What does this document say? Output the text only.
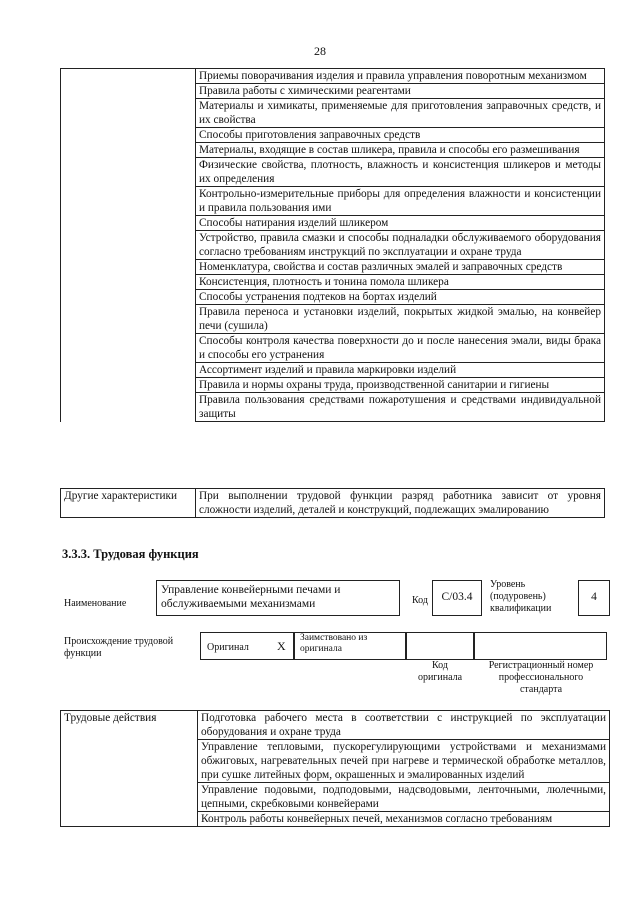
28
	Приемы поворачивания изделия и правила управления поворотным механизмом
Правила работы с химическими реагентами
Материалы и химикаты, применяемые для приготовления заправочных средств, и их свойства
Способы приготовления заправочных средств
Материалы, входящие в состав шликера, правила и способы его размешивания
Физические свойства, плотность, влажность и консистенция шликеров и методы их определения
Контрольно-измерительные приборы для определения влажности и консистенции и правила пользования ими
Способы натирания изделий шликером
Устройство, правила смазки и способы подналадки обслуживаемого оборудования согласно требованиям инструкций по эксплуатации и охране труда
Номенклатура, свойства и состав различных эмалей и заправочных средств
Консистенция, плотность и тонина помола шликера
Способы устранения подтеков на бортах изделий
Правила переноса и установки изделий, покрытых жидкой эмалью, на конвейер печи (сушила)
Способы контроля качества поверхности до и после нанесения эмали, виды брака и способы его устранения
Ассортимент изделий и правила маркировки изделий
Правила и нормы охраны труда, производственной санитарии и гигиены
Правила пользования средствами пожаротушения и средствами индивидуальной защиты
Другие характеристики	При выполнении трудовой функции разряд работника зависит от уровня сложности изделий, деталей и конструкций, подлежащих эмалированию
3.3.3. Трудовая функция
Наименование
Управление конвейерными печами и обслуживаемыми механизмами	Код	С/03.4
Уровень (подуровень) квалификации
4
Происхождение трудовой функции
Оригинал X
Заимствовано из оригинала
Код оригинала
Регистрационный номер профессионального стандарта
Трудовые действия	Подготовка рабочего места в соответствии с инструкцией по эксплуатации оборудования и охране труда
Управление тепловыми, пускорегулирующими устройствами и механизмами обжиговых, нагревательных печей при нагреве и термической обработке металлов, при сушке литейных форм, окрашенных и эмалированных изделий
Управление подовыми, подподовыми, надсводовыми, ленточными, люлечными, цепными, скребковыми конвейерами
Контроль работы конвейерных печей, механизмов согласно требованиям
